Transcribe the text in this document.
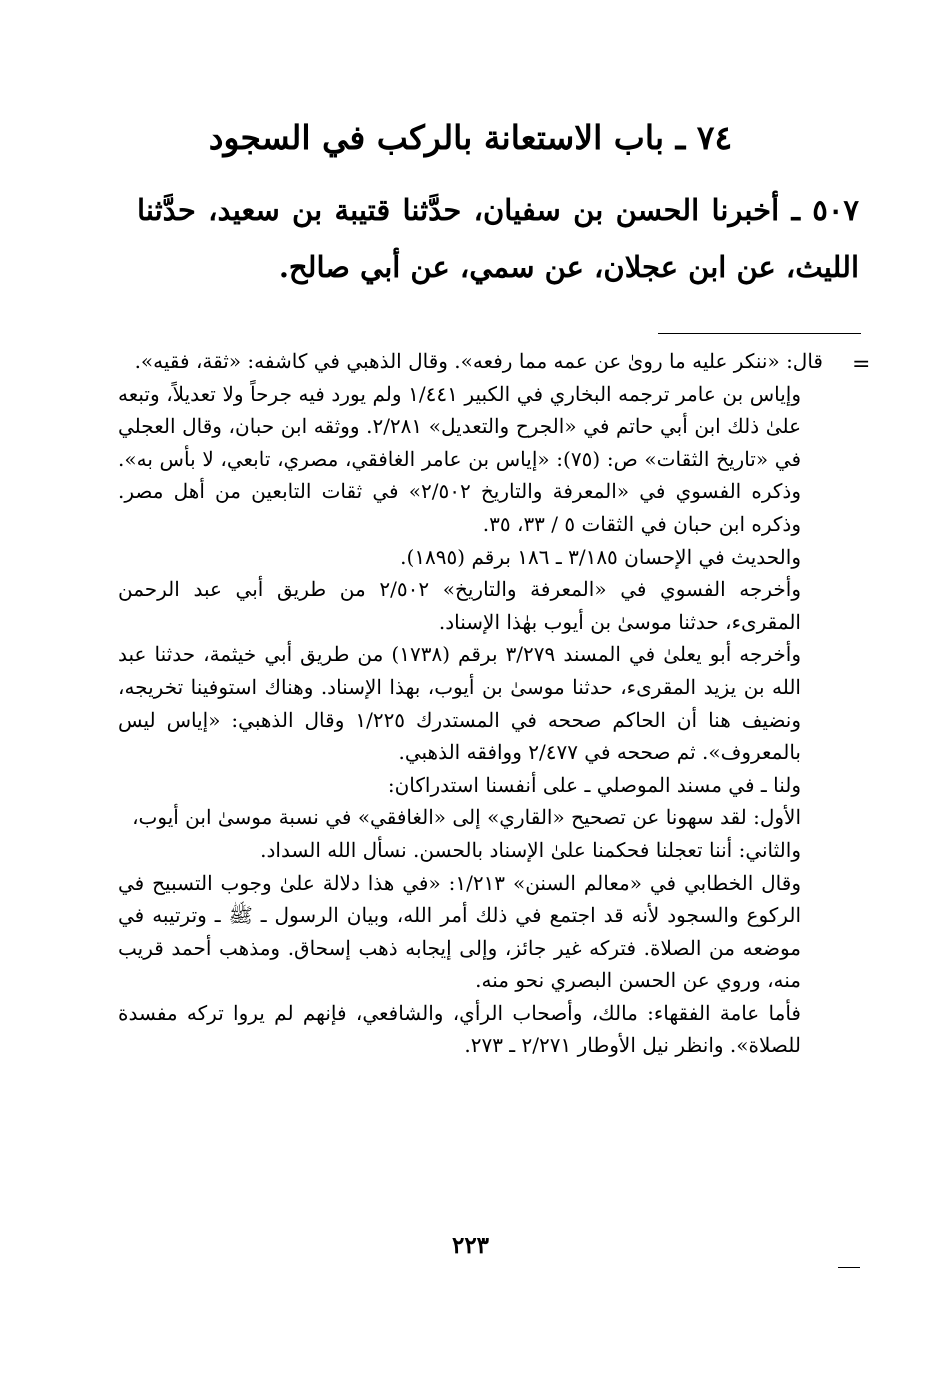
٧٤ ـ باب الاستعانة بالركب في السجود
٥٠٧ ـ أخبرنا الحسن بن سفيان، حدَّثنا قتيبة بن سعيد، حدَّثنا الليث، عن ابن عجلان، عن سمي، عن أبي صالح.
=

قال: «ننكر عليه ما روىٰ عن عمه مما رفعه». وقال الذهبي في كاشفه: «ثقة، فقيه».

وإياس بن عامر ترجمه البخاري في الكبير ١/٤٤١ ولم يورد فيه جرحاً ولا تعديلاً، وتبعه علىٰ ذلك ابن أبي حاتم في «الجرح والتعديل» ٢/٢٨١. ووثقه ابن حبان، وقال العجلي في «تاريخ الثقات» ص: (٧٥): «إياس بن عامر الغافقي، مصري، تابعي، لا بأس به». وذكره الفسوي في «المعرفة والتاريخ ٢/٥٠٢» في ثقات التابعين من أهل مصر. وذكره ابن حبان في الثقات ٥ / ٣٣، ٣٥.

والحديث في الإحسان ٣/١٨٥ ـ ١٨٦ برقم (١٨٩٥).

وأخرجه الفسوي في «المعرفة والتاريخ» ٢/٥٠٢ من طريق أبي عبد الرحمن المقرىء، حدثنا موسىٰ بن أيوب بهٰذا الإسناد.

وأخرجه أبو يعلىٰ في المسند ٣/٢٧٩ برقم (١٧٣٨) من طريق أبي خيثمة، حدثنا عبد الله بن يزيد المقرىء، حدثنا موسىٰ بن أيوب، بهذا الإسناد. وهناك استوفينا تخريجه، ونضيف هنا أن الحاكم صححه في المستدرك ١/٢٢٥ وقال الذهبي: «إياس ليس بالمعروف». ثم صححه في ٢/٤٧٧ ووافقه الذهبي.

ولنا ـ في مسند الموصلي ـ على أنفسنا استدراكان:

الأول: لقد سهونا عن تصحيح «القاري» إلى «الغافقي» في نسبة موسىٰ ابن أيوب،

والثاني: أننا تعجلنا فحكمنا علىٰ الإسناد بالحسن. نسأل الله السداد.

وقال الخطابي في «معالم السنن» ١/٢١٣: «في هذا دلالة علىٰ وجوب التسبيح في الركوع والسجود لأنه قد اجتمع في ذلك أمر الله، وبيان الرسول ـ ﷺ ـ وترتيبه في موضعه من الصلاة. فتركه غير جائز، وإلى إيجابه ذهب إسحاق. ومذهب أحمد قريب منه، وروي عن الحسن البصري نحو منه.

فأما عامة الفقهاء: مالك، وأصحاب الرأي، والشافعي، فإنهم لم يروا تركه مفسدة للصلاة». وانظر نيل الأوطار ٢/٢٧١ ـ ٢٧٣.

٢٢٣
